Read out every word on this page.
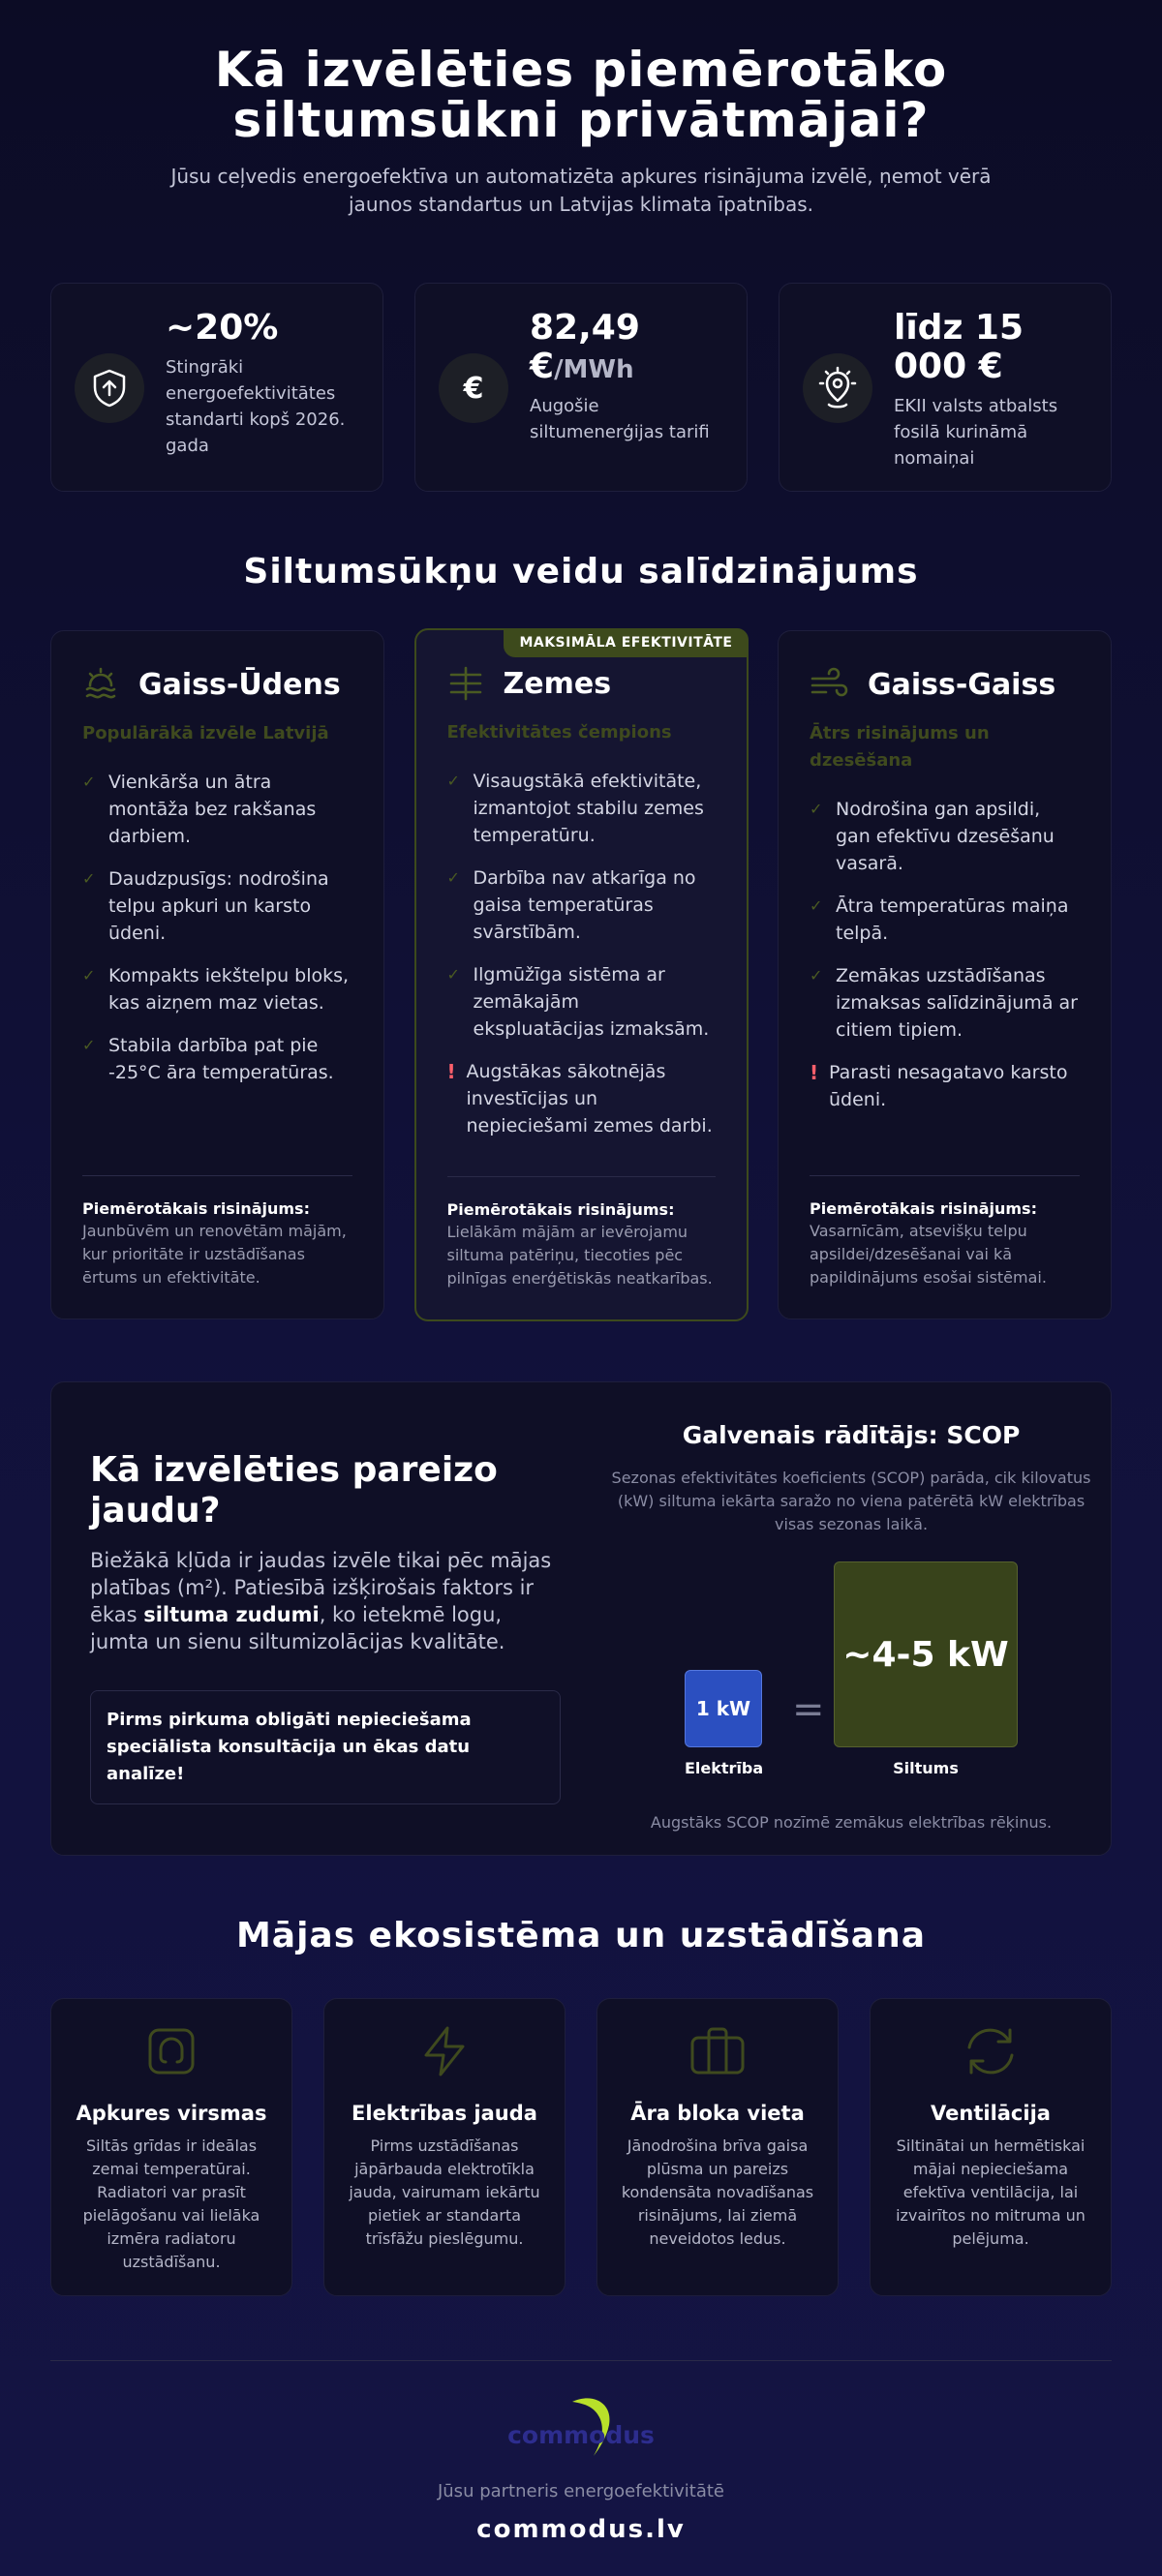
Kā izvēlēties piemērotāko
siltumsūkni privātmājai?

Jūsu ceļvedis energoefektīva un automatizēta apkures risinājuma izvēlē, ņemot vērā jaunos standartus un Latvijas klimata īpatnības.

~20%
Stingrāki energoefektivitātes standarti kopš 2026. gada
€
82,49 €/MWh
Augošie siltumenerģijas tarifi
līdz 15 000 €
EKII valsts atbalsts fosilā kurināmā nomaiņai
Siltumsūkņu veidu salīdzinājums
Gaiss-Ūdens
Populārākā izvēle Latvijā
✓ Vienkārša un ātra montāža bez rakšanas darbiem.
✓ Daudzpusīgs: nodrošina telpu apkuri un karsto ūdeni.
✓ Kompakts iekštelpu bloks, kas aizņem maz vietas.
✓ Stabila darbība pat pie -25°C āra temperatūras.
Piemērotākais risinājums:
Jaunbūvēm un renovētām mājām, kur prioritāte ir uzstādīšanas ērtums un efektivitāte.
MAKSIMĀLA EFEKTIVITĀTE
Zemes
Efektivitātes čempions
✓ Visaugstākā efektivitāte, izmantojot stabilu zemes temperatūru.
✓ Darbība nav atkarīga no gaisa temperatūras svārstībām.
✓ Ilgmūžīga sistēma ar zemākajām ekspluatācijas izmaksām.
! Augstākas sākotnējās investīcijas un nepieciešami zemes darbi.
Piemērotākais risinājums:
Lielākām mājām ar ievērojamu siltuma patēriņu, tiecoties pēc pilnīgas enerģētiskās neatkarības.
Gaiss-Gaiss
Ātrs risinājums un dzesēšana
✓ Nodrošina gan apsildi, gan efektīvu dzesēšanu vasarā.
✓ Ātra temperatūras maiņa telpā.
✓ Zemākas uzstādīšanas izmaksas salīdzinājumā ar citiem tipiem.
! Parasti nesagatavo karsto ūdeni.
Piemērotākais risinājums:
Vasarnīcām, atsevišķu telpu apsildei/dzesēšanai vai kā papildinājums esošai sistēmai.
Kā izvēlēties pareizo jaudu?

Biežākā kļūda ir jaudas izvēle tikai pēc mājas platības (m²). Patiesībā izšķirošais faktors ir ēkas siltuma zudumi, ko ietekmē logu, jumta un sienu siltumizolācijas kvalitāte.

Pirms pirkuma obligāti nepieciešama speciālista konsultācija un ēkas datu analīze!
Galvenais rādītājs: SCOP
Sezonas efektivitātes koeficients (SCOP) parāda, cik kilovatus (kW) siltuma iekārta saražo no viena patērētā kW elektrības visas sezonas laikā.
1 kW =
~4-5 kW
Elektrība	Siltums
Augstāks SCOP nozīmē zemākus elektrības rēķinus.
Mājas ekosistēma un uzstādīšana
Apkures virsmas
Siltās grīdas ir ideālas zemai temperatūrai. Radiatori var prasīt pielāgošanu vai lielāka izmēra radiatoru uzstādīšanu.
Elektrības jauda
Pirms uzstādīšanas jāpārbauda elektrotīkla jauda, vairumam iekārtu pietiek ar standarta trīsfāžu pieslēgumu.
Āra bloka vieta
Jānodrošina brīva gaisa plūsma un pareizs kondensāta novadīšanas risinājums, lai ziemā neveidotos ledus.
Ventilācija
Siltinātai un hermētiskai mājai nepieciešama efektīva ventilācija, lai izvairītos no mitruma un pelējuma.
commodus
Jūsu partneris energoefektivitātē
commodus.lv
